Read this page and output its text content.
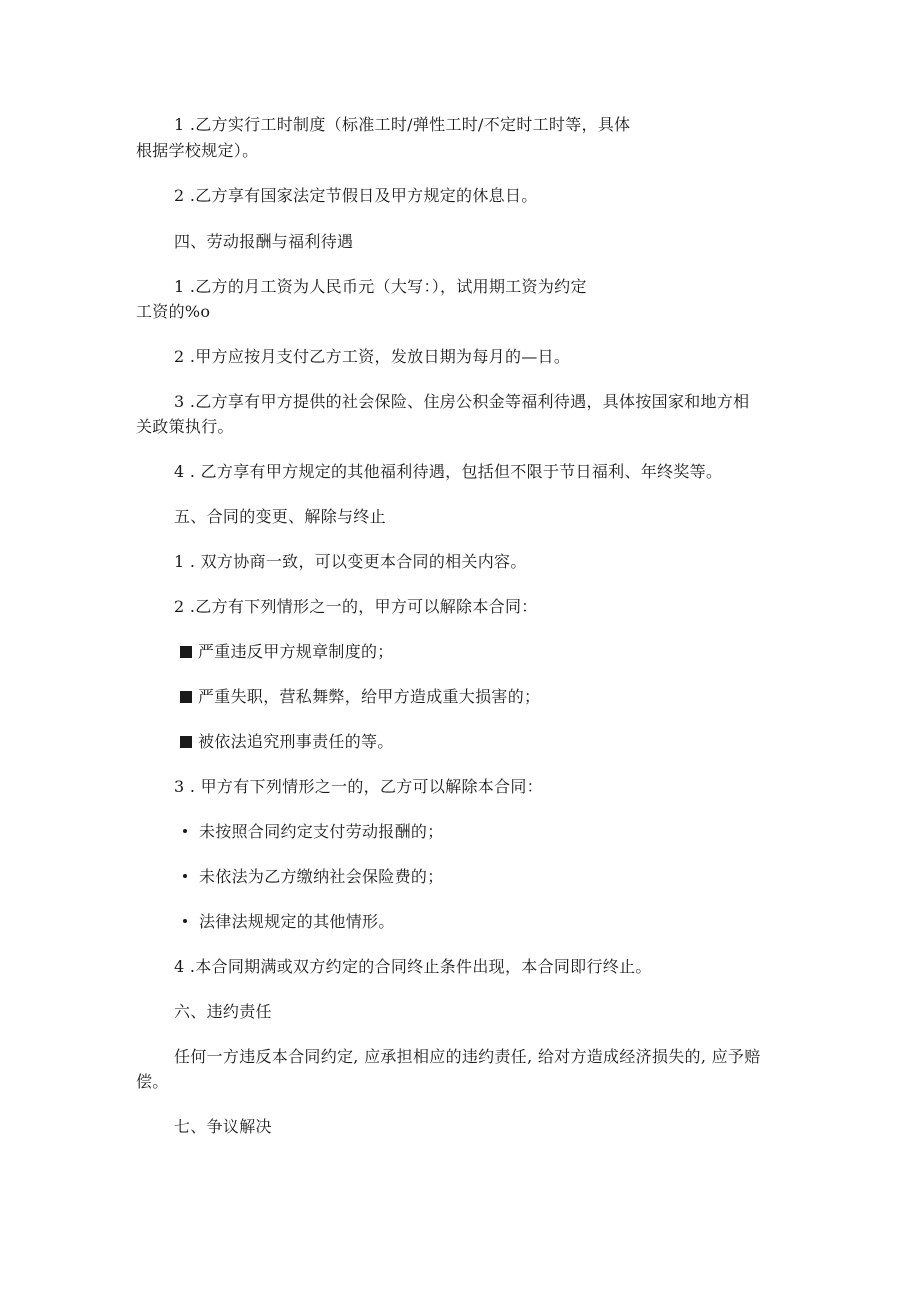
1 .乙方实行工时制度（标准工时/弹性工时/不定时工时等，具体
根据学校规定）。
2 .乙方享有国家法定节假日及甲方规定的休息日。
四、劳动报酬与福利待遇
1 .乙方的月工资为人民币元（大写：），试用期工资为约定
工资的%o
2 .甲方应按月支付乙方工资，发放日期为每月的—日。
3 .乙方享有甲方提供的社会保险、住房公积金等福利待遇，具体按国家和地方相
关政策执行。
4 . 乙方享有甲方规定的其他福利待遇，包括但不限于节日福利、年终奖等。
五、合同的变更、解除与终止
1 . 双方协商一致，可以变更本合同的相关内容。
2 .乙方有下列情形之一的，甲方可以解除本合同：
严重违反甲方规章制度的；
严重失职，营私舞弊，给甲方造成重大损害的；
被依法追究刑事责任的等。
3 . 甲方有下列情形之一的，乙方可以解除本合同：
未按照合同约定支付劳动报酬的；
未依法为乙方缴纳社会保险费的；
法律法规规定的其他情形。
4 .本合同期满或双方约定的合同终止条件出现，本合同即行终止。
六、违约责任
任何一方违反本合同约定, 应承担相应的违约责任, 给对方造成经济损失的, 应予赔
偿。
七、争议解决
